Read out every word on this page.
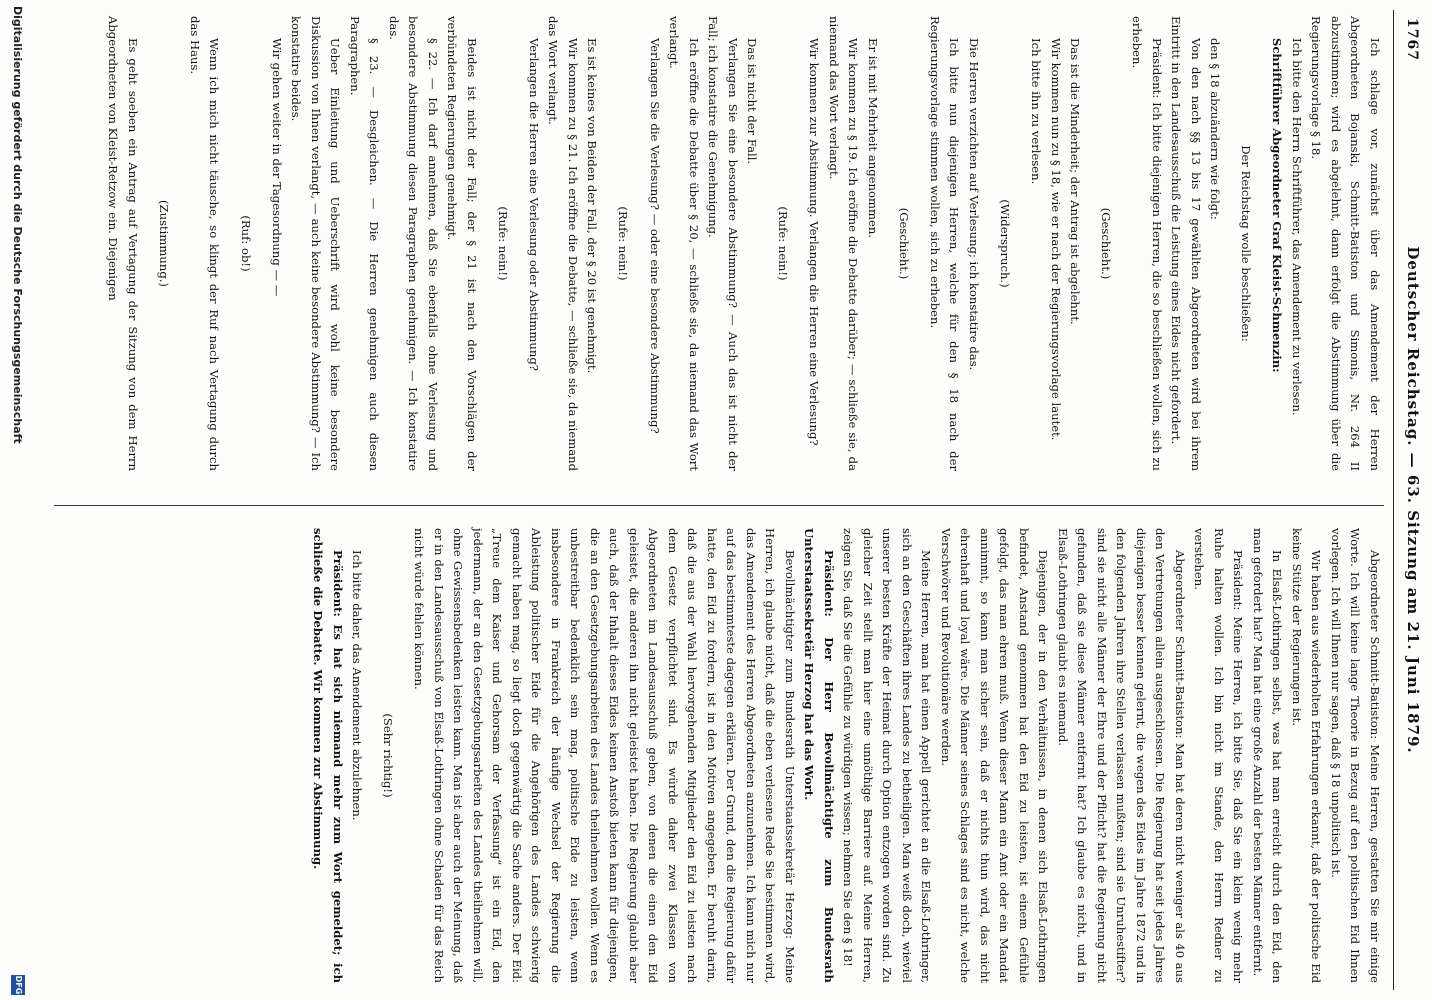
1767
Deutscher Reichstag. — 63. Sitzung am 21. Juni 1879.

Ich schlage vor, zunächst über das Amendement der Herren Abgeordneten Bojanski, Schmitt-Batiston und Simonis, Nr. 264 II abzustimmen; wird es abgelehnt, dann erfolgt die Abstimmung über die Regierungsvorlage § 18.

Ich bitte den Herrn Schriftführer, das Amendement zu verlesen.

Schriftführer Abgeordneter Graf Kleist-Schmenzin:

Der Reichstag wolle beschließen:

den § 18 abzuändern wie folgt:

Von den nach §§ 13 bis 17 gewählten Abgeordneten wird bei ihrem Eintritt in den Landesausschuß die Leistung eines Eides nicht gefordert.

Präsident: Ich bitte diejenigen Herren, die so beschließen wollen, sich zu erheben.

(Geschieht.)

Das ist die Minderheit; der Antrag ist abgelehnt.

Wir kommen nun zu § 18, wie er nach der Regierungsvorlage lautet.

Ich bitte ihn zu verlesen.

(Widerspruch.)

Die Herren verzichten auf Verlesung; ich konstatire das.

Ich bitte nun diejenigen Herren, welche für den § 18 nach der Regierungsvorlage stimmen wollen, sich zu erheben.

(Geschieht.)

Er ist mit Mehrheit angenommen.

Wir kommen zu § 19. Ich eröffne die Debatte darüber; — schließe sie, da niemand das Wort verlangt.

Wir kommen zur Abstimmung. Verlangen die Herren eine Verlesung?

(Rufe: nein!)

Das ist nicht der Fall.

Verlangen Sie eine besondere Abstimmung? — Auch das ist nicht der Fall; ich konstatire die Genehmigung.

Ich eröffne die Debatte über § 20, — schließe sie, da niemand das Wort verlangt.

Verlangen Sie die Verlesung? — oder eine besondere Abstimmung?

(Rufe: nein!)

Es ist keines von Beiden der Fall, der § 20 ist genehmigt.

Wir kommen zu § 21. Ich eröffne die Debatte, — schließe sie, da niemand das Wort verlangt.

Verlangen die Herren eine Verlesung oder Abstimmung?

(Rufe: nein!)

Beides ist nicht der Fall; der § 21 ist nach den Vorschlägen der verbündeten Regierungen genehmigt.

§ 22. — Ich darf annehmen, daß Sie ebenfalls ohne Verlesung und besondere Abstimmung diesen Paragraphen genehmigen. — Ich konstatire das.

§ 23. — Desgleichen. — Die Herren genehmigen auch diesen Paragraphen.

Ueber Einleitung und Ueberschrift wird wohl keine besondere Diskussion von Ihnen verlangt, — auch keine besondere Abstimmung? — Ich konstatire beides.

Wir gehen weiter in der Tagesordnung — —

(Ruf: ob!)

Wenn ich mich nicht täusche, so klingt der Ruf nach Vertagung durch das Haus.

(Zustimmung.)

Es geht soeben ein Antrag auf Vertagung der Sitzung von dem Herrn Abgeordneten von Kleist-Retzow ein. Diejenigen

Abgeordneter Schmitt-Batiston: Meine Herren, gestatten Sie mir einige Worte. Ich will keine lange Theorie in Bezug auf den politischen Eid Ihnen vorlegen. Ich will Ihnen nur sagen, daß § 18 unpolitisch ist.

Wir haben aus wiederholten Erfahrungen erkannt, daß der politische Eid keine Stütze der Regierungen ist.

In Elsaß-Lothringen selbst, was hat man erreicht durch den Eid, den man gefordert hat? Man hat eine große Anzahl der besten Männer entfernt.

Präsident: Meine Herren, ich bitte Sie, daß Sie ein klein wenig mehr Ruhe halten wollen. Ich bin nicht im Stande, den Herrn Redner zu verstehen.

Abgeordneter Schmitt-Batiston: Man hat deren nicht weniger als 40 aus den Vertretungen allein ausgeschlossen. Die Regierung hat seit jedes Jahres diejenigen besser kennen gelernt, die wegen des Eides im Jahre 1872 und in den folgenden Jahren ihre Stellen verlassen mußten; sind sie Unruhestifter? sind sie nicht alle Männer der Ehre und der Pflicht? hat die Regierung nicht gefunden, daß sie diese Männer entfernt hat? Ich glaube es nicht, und in Elsaß-Lothringen glaubt es niemand.

Diejenigen, der in den Verhältnissen, in denen sich Elsaß-Lothringen befindet, Anstand genommen hat den Eid zu leisten, ist einem Gefühle gefolgt, das man ehren muß. Wenn dieser Mann ein Amt oder ein Mandat annimmt, so kann man sicher sein, daß er nichts thun wird, das nicht ehrenhaft und loyal wäre. Die Männer seines Schlages sind es nicht, welche Verschwörer und Revolutionäre werden.

Meine Herren, man hat einen Appell gerichtet an die Elsaß-Lothringer, sich an den Geschäften ihres Landes zu betheiligen. Man weiß doch, wieviel unserer besten Kräfte der Heimat durch Option entzogen worden sind. Zu gleicher Zeit stellt man hier eine unnöthige Barriere auf. Meine Herren, zeigen Sie, daß Sie die Gefühle zu würdigen wissen; nehmen Sie den § 18!

Präsident: Der Herr Bevollmächtigte zum Bundesrath Unterstaatssekretär Herzog hat das Wort.

Bevollmächtigter zum Bundesrath Unterstaatssekretär Herzog: Meine Herren, ich glaube nicht, daß die eben verlesene Rede Sie bestimmen wird, das Amendement des Herren Abgeordneten anzunehmen. Ich kann mich nur auf das bestimmteste dagegen erklären. Der Grund, den die Regierung dafür hatte, den Eid zu fordern, ist in den Motiven angegeben. Er beruht darin, daß die aus der Wahl hervorgehenden Mitglieder den Eid zu leisten nach dem Gesetz verpflichtet sind. Es würde daher zwei Klassen von Abgeordneten im Landesausschuß geben, von denen die einen den Eid geleistet, die anderen ihn nicht geleistet haben. Die Regierung glaubt aber auch, daß der Inhalt dieses Eides keinen Anstoß bieten kann für diejenigen, die an den Gesetzgebungsarbeiten des Landes theilnehmen wollen. Wenn es unbestreitbar bedenklich sein mag, politische Eide zu leisten, wenn insbesondere in Frankreich der häufige Wechsel der Regierung die Ableistung politischer Eide für die Angehörigen des Landes schwierig gemacht haben mag, so liegt doch gegenwärtig die Sache anders. Der Eid: „Treue dem Kaiser und Gehorsam der Verfassung“ ist ein Eid, den jedermann, der an den Gesetzgebungsarbeiten des Landes theilnehmen will, ohne Gewissensbedenken leisten kann. Man ist aber auch der Meinung, daß er in den Landesausschuß von Elsaß-Lothringen ohne Schaden für das Reich nicht würde fehlen können.

(Sehr richtig!)

Ich bitte daher, das Amendement abzulehnen.

Präsident: Es hat sich niemand mehr zum Wort gemeldet; ich schließe die Debatte. Wir kommen zur Abstimmung.

Digitalisierung gefördert durch die Deutsche Forschungsgemeinschaft
DFG
